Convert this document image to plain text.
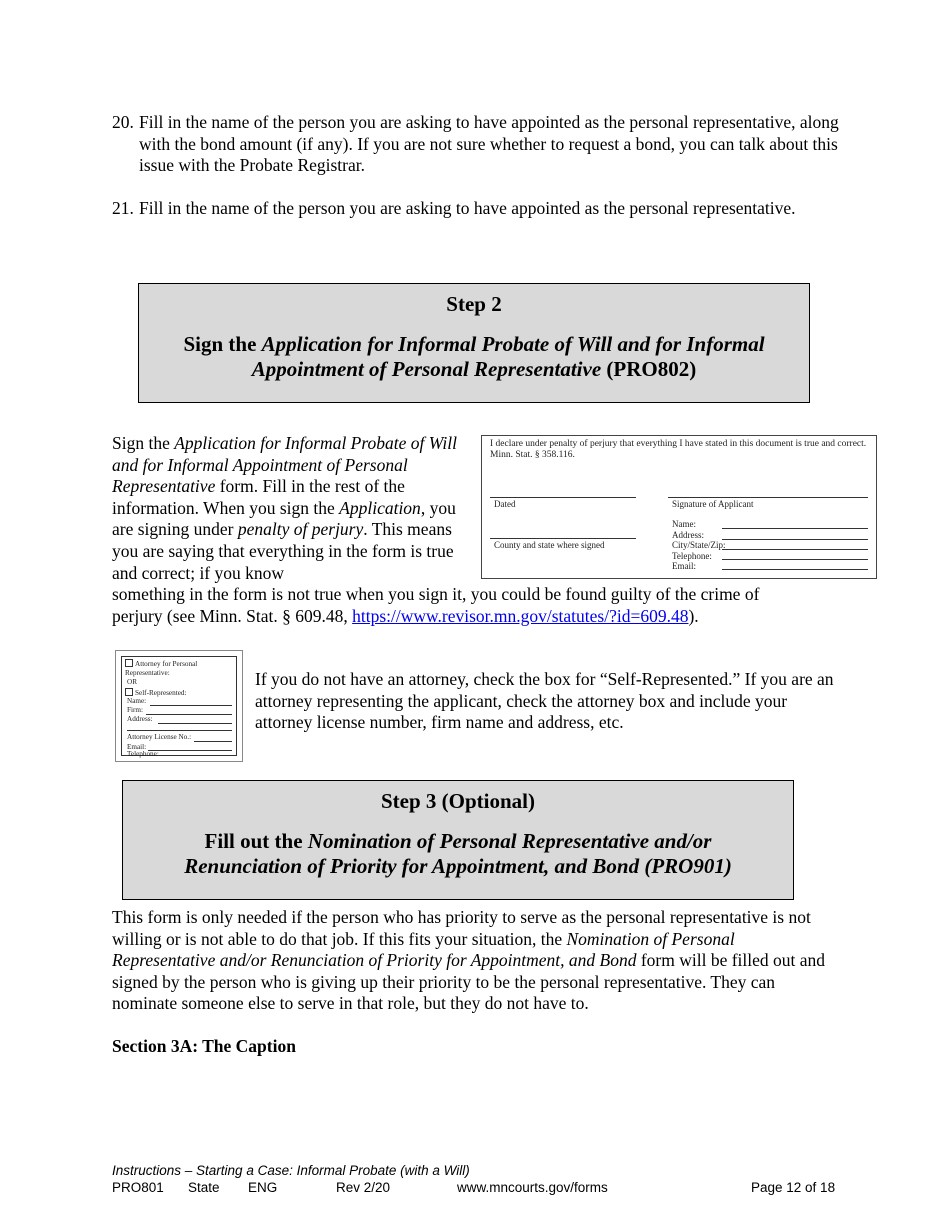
20. Fill in the name of the person you are asking to have appointed as the personal representative, along with the bond amount (if any). If you are not sure whether to request a bond, you can talk about this issue with the Probate Registrar.
21. Fill in the name of the person you are asking to have appointed as the personal representative.
Step 2
Sign the Application for Informal Probate of Will and for Informal Appointment of Personal Representative (PRO802)
Sign the Application for Informal Probate of Will and for Informal Appointment of Personal Representative form. Fill in the rest of the information. When you sign the Application, you are signing under penalty of perjury. This means you are saying that everything in the form is true and correct; if you know
something in the form is not true when you sign it, you could be found guilty of the crime of
perjury (see Minn. Stat. § 609.48, https://www.revisor.mn.gov/statutes/?id=609.48).
I declare under penalty of perjury that everything I have stated in this document is true and correct. Minn. Stat. § 358.116.
Dated
County and state where signed
Signature of Applicant
Name:
Address:
City/State/Zip:
Telephone:
Email:
Attorney for Personal Representative:
OR
Self-Represented:
Name:
Firm:
Address:
Attorney License No.:
Email:
Telephone:
If you do not have an attorney, check the box for “Self-Represented.” If you are an attorney representing the applicant, check the attorney box and include your attorney license number, firm name and address, etc.
Step 3 (Optional)
Fill out the Nomination of Personal Representative and/or Renunciation of Priority for Appointment, and Bond (PRO901)
This form is only needed if the person who has priority to serve as the personal representative is not willing or is not able to do that job. If this fits your situation, the Nomination of Personal Representative and/or Renunciation of Priority for Appointment, and Bond form will be filled out and signed by the person who is giving up their priority to be the personal representative. They can nominate someone else to serve in that role, but they do not have to.
Section 3A: The Caption
Instructions – Starting a Case: Informal Probate (with a Will)
PRO801 State ENG	Rev 2/20	www.mncourts.gov/forms	Page 12 of 18
